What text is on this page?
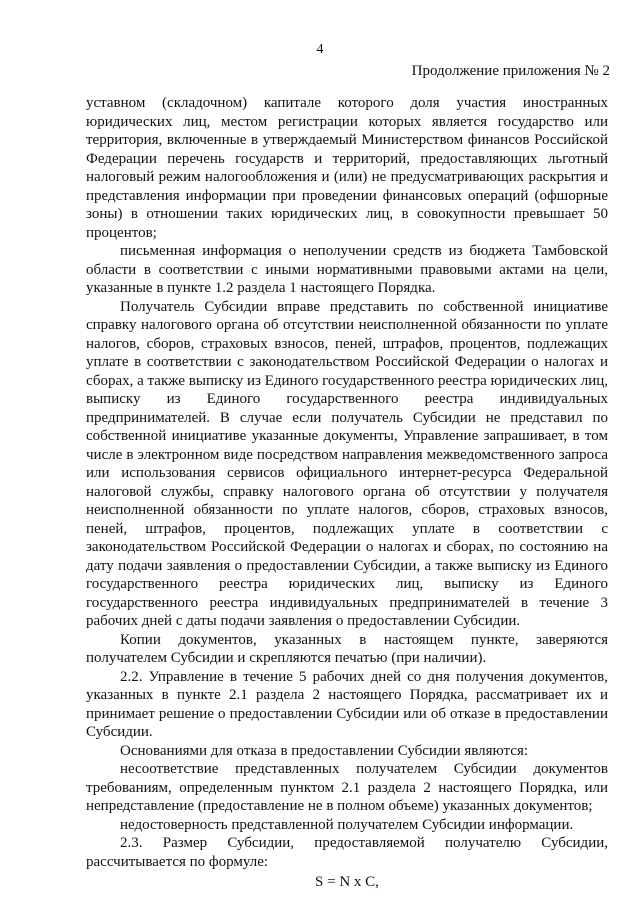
4
Продолжение приложения № 2

уставном (складочном) капитале которого доля участия иностранных юридических лиц, местом регистрации которых является государство или территория, включенные в утверждаемый Министерством финансов Российской Федерации перечень государств и территорий, предоставляющих льготный налоговый режим налогообложения и (или) не предусматривающих раскрытия и представления информации при проведении финансовых операций (офшорные зоны) в отношении таких юридических лиц, в совокупности превышает 50 процентов;

письменная информация о неполучении средств из бюджета Тамбовской области в соответствии с иными нормативными правовыми актами на цели, указанные в пункте 1.2 раздела 1 настоящего Порядка.

Получатель Субсидии вправе представить по собственной инициативе справку налогового органа об отсутствии неисполненной обязанности по уплате налогов, сборов, страховых взносов, пеней, штрафов, процентов, подлежащих уплате в соответствии с законодательством Российской Федерации о налогах и сборах, а также выписку из Единого государственного реестра юридических лиц, выписку из Единого государственного реестра индивидуальных предпринимателей. В случае если получатель Субсидии не представил по собственной инициативе указанные документы, Управление запрашивает, в том числе в электронном виде посредством направления межведомственного запроса или использования сервисов официального интернет-ресурса Федеральной налоговой службы, справку налогового органа об отсутствии у получателя неисполненной обязанности по уплате налогов, сборов, страховых взносов, пеней, штрафов, процентов, подлежащих уплате в соответствии с законодательством Российской Федерации о налогах и сборах, по состоянию на дату подачи заявления о предоставлении Субсидии, а также выписку из Единого государственного реестра юридических лиц, выписку из Единого государственного реестра индивидуальных предпринимателей в течение 3 рабочих дней с даты подачи заявления о предоставлении Субсидии.

Копии документов, указанных в настоящем пункте, заверяются получателем Субсидии и скрепляются печатью (при наличии).

2.2. Управление в течение 5 рабочих дней со дня получения документов, указанных в пункте 2.1 раздела 2 настоящего Порядка, рассматривает их и принимает решение о предоставлении Субсидии или об отказе в предоставлении Субсидии.

Основаниями для отказа в предоставлении Субсидии являются:

несоответствие представленных получателем Субсидии документов требованиям, определенным пунктом 2.1 раздела 2 настоящего Порядка, или непредставление (предоставление не в полном объеме) указанных документов;

недостоверность представленной получателем Субсидии информации.

2.3. Размер Субсидии, предоставляемой получателю Субсидии, рассчитывается по формуле:

S = N x C,
